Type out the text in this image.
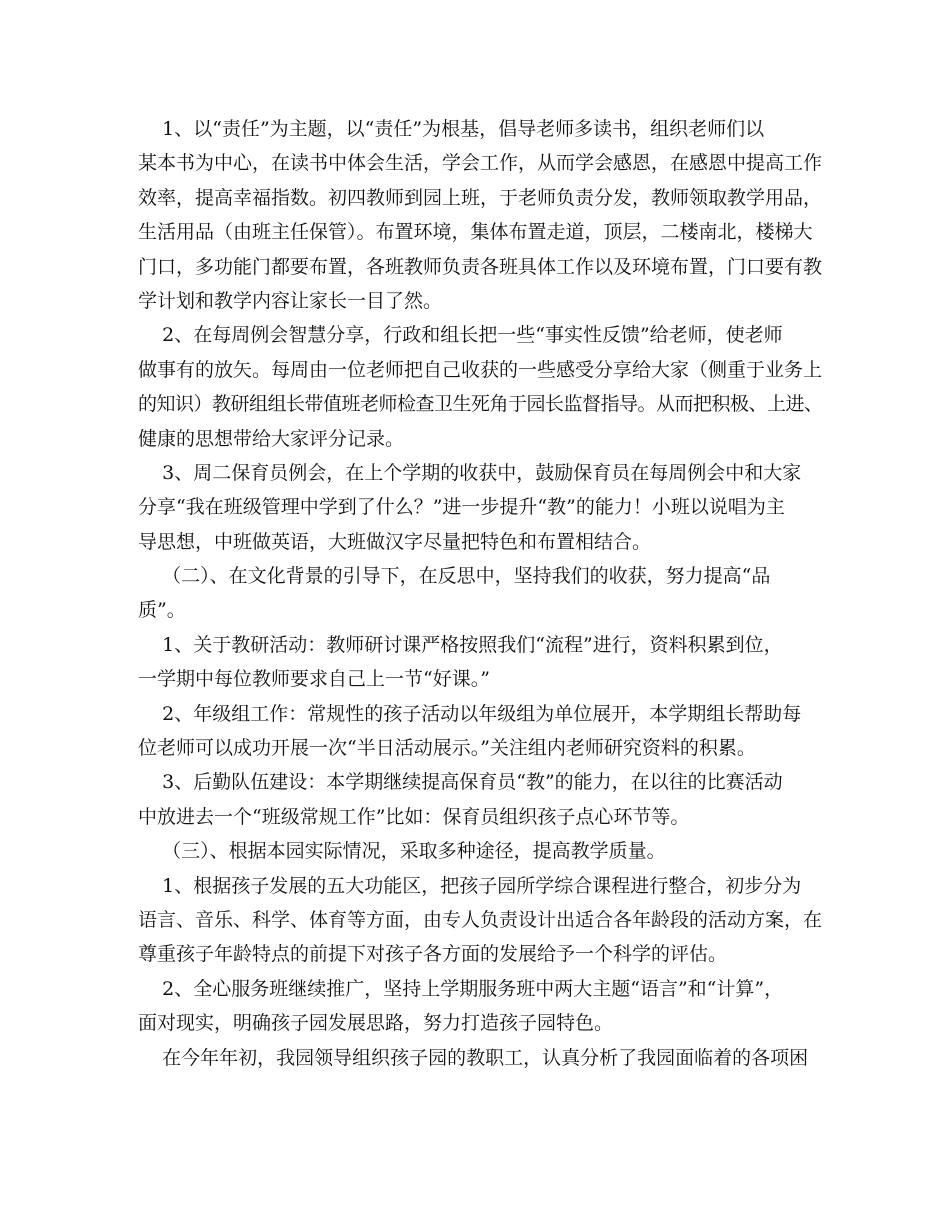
1、以“责任”为主题，以“责任”为根基，倡导老师多读书，组织老师们以
某本书为中心，在读书中体会生活，学会工作，从而学会感恩，在感恩中提高工作
效率，提高幸福指数。初四教师到园上班，于老师负责分发，教师领取教学用品，
生活用品（由班主任保管）。布置环境，集体布置走道，顶层，二楼南北，楼梯大
门口，多功能门都要布置，各班教师负责各班具体工作以及环境布置，门口要有教
学计划和教学内容让家长一目了然。
2、在每周例会智慧分享，行政和组长把一些“事实性反馈”给老师，使老师
做事有的放矢。每周由一位老师把自己收获的一些感受分享给大家（侧重于业务上
的知识）教研组组长带值班老师检查卫生死角于园长监督指导。从而把积极、上进、
健康的思想带给大家评分记录。
3、周二保育员例会，在上个学期的收获中，鼓励保育员在每周例会中和大家
分享“我在班级管理中学到了什么？”进一步提升“教”的能力！小班以说唱为主
导思想，中班做英语，大班做汉字尽量把特色和布置相结合。
（二）、在文化背景的引导下，在反思中，坚持我们的收获，努力提高“品
质”。
1、关于教研活动：教师研讨课严格按照我们“流程”进行，资料积累到位，
一学期中每位教师要求自己上一节“好课。”
2、年级组工作：常规性的孩子活动以年级组为单位展开，本学期组长帮助每
位老师可以成功开展一次“半日活动展示。”关注组内老师研究资料的积累。
3、后勤队伍建设：本学期继续提高保育员“教”的能力，在以往的比赛活动
中放进去一个“班级常规工作”比如：保育员组织孩子点心环节等。
（三）、根据本园实际情况，采取多种途径，提高教学质量。
1、根据孩子发展的五大功能区，把孩子园所学综合课程进行整合，初步分为
语言、音乐、科学、体育等方面，由专人负责设计出适合各年龄段的活动方案，在
尊重孩子年龄特点的前提下对孩子各方面的发展给予一个科学的评估。
2、全心服务班继续推广，坚持上学期服务班中两大主题“语言”和“计算”，
面对现实，明确孩子园发展思路，努力打造孩子园特色。
在今年年初，我园领导组织孩子园的教职工，认真分析了我园面临着的各项困
